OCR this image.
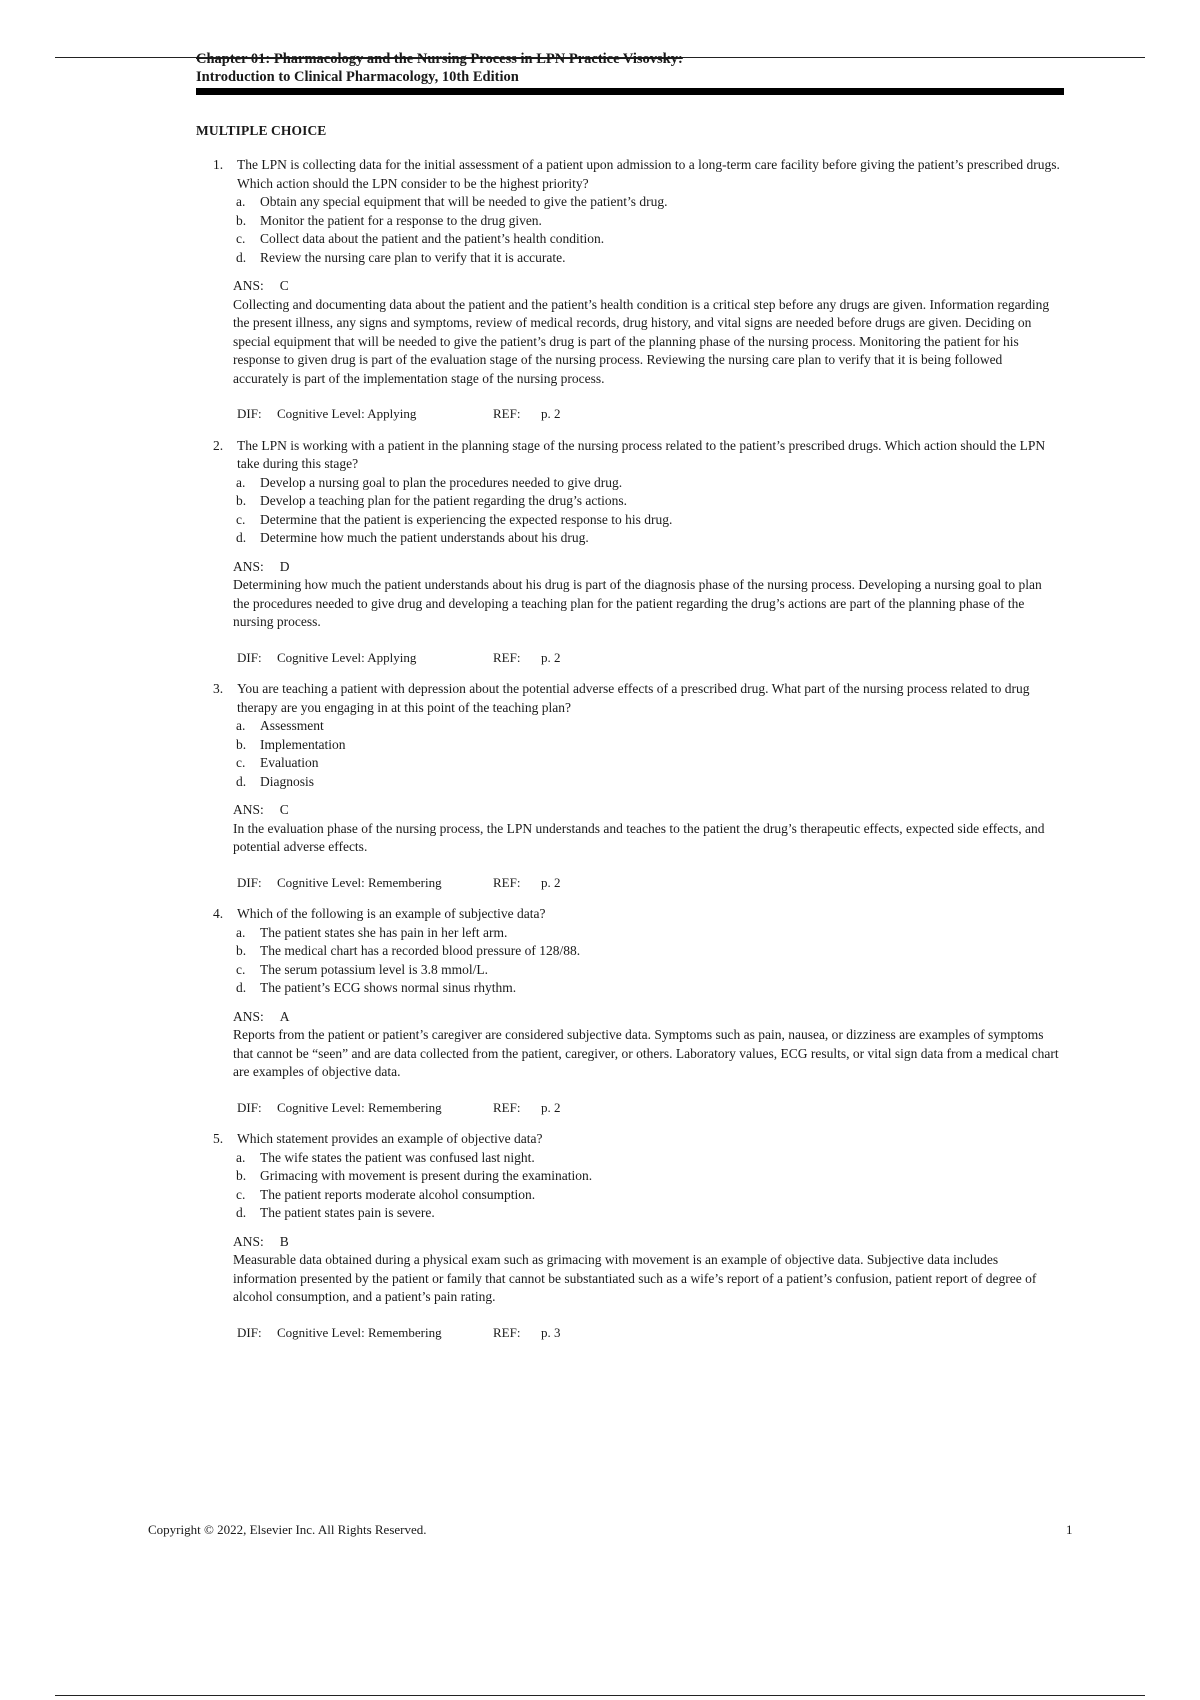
Chapter 01: Pharmacology and the Nursing Process in LPN Practice Visovsky:
Introduction to Clinical Pharmacology, 10th Edition
MULTIPLE CHOICE
1.	The LPN is collecting data for the initial assessment of a patient upon admission to a long-term care facility before giving the patient’s prescribed drugs. Which action should the LPN consider to be the highest priority?
a.	Obtain any special equipment that will be needed to give the patient’s drug.
b.	Monitor the patient for a response to the drug given.
c.	Collect data about the patient and the patient’s health condition.
d.	Review the nursing care plan to verify that it is accurate.
ANS: C

Collecting and documenting data about the patient and the patient’s health condition is a critical step before any drugs are given. Information regarding the present illness, any signs and symptoms, review of medical records, drug history, and vital signs are needed before drugs are given. Deciding on special equipment that will be needed to give the patient’s drug is part of the planning phase of the nursing process. Monitoring the patient for his response to given drug is part of the evaluation stage of the nursing process. Reviewing the nursing care plan to verify that it is being followed accurately is part of the implementation stage of the nursing process.

DIF:	Cognitive Level: Applying	REF:	p. 2
2.	The LPN is working with a patient in the planning stage of the nursing process related to the patient’s prescribed drugs. Which action should the LPN take during this stage?
a.	Develop a nursing goal to plan the procedures needed to give drug.
b.	Develop a teaching plan for the patient regarding the drug’s actions.
c.	Determine that the patient is experiencing the expected response to his drug.
d.	Determine how much the patient understands about his drug.
ANS: D

Determining how much the patient understands about his drug is part of the diagnosis phase of the nursing process. Developing a nursing goal to plan the procedures needed to give drug and developing a teaching plan for the patient regarding the drug’s actions are part of the planning phase of the nursing process.

DIF:	Cognitive Level: Applying	REF:	p. 2
3.	You are teaching a patient with depression about the potential adverse effects of a prescribed drug. What part of the nursing process related to drug therapy are you engaging in at this point of the teaching plan?
a.	Assessment
b.	Implementation
c.	Evaluation
d.	Diagnosis
ANS: C

In the evaluation phase of the nursing process, the LPN understands and teaches to the patient the drug’s therapeutic effects, expected side effects, and potential adverse effects.

DIF:	Cognitive Level: Remembering	REF:	p. 2
4.	Which of the following is an example of subjective data?
a.	The patient states she has pain in her left arm.
b.	The medical chart has a recorded blood pressure of 128/88.
c.	The serum potassium level is 3.8 mmol/L.
d.	The patient’s ECG shows normal sinus rhythm.
ANS: A

Reports from the patient or patient’s caregiver are considered subjective data. Symptoms such as pain, nausea, or dizziness are examples of symptoms that cannot be “seen” and are data collected from the patient, caregiver, or others. Laboratory values, ECG results, or vital sign data from a medical chart are examples of objective data.

DIF:	Cognitive Level: Remembering	REF:	p. 2
5.	Which statement provides an example of objective data?
a.	The wife states the patient was confused last night.
b.	Grimacing with movement is present during the examination.
c.	The patient reports moderate alcohol consumption.
d.	The patient states pain is severe.
ANS: B

Measurable data obtained during a physical exam such as grimacing with movement is an example of objective data. Subjective data includes information presented by the patient or family that cannot be substantiated such as a wife’s report of a patient’s confusion, patient report of degree of alcohol consumption, and a patient’s pain rating.

DIF:	Cognitive Level: Remembering	REF:	p. 3
Copyright © 2022, Elsevier Inc. All Rights Reserved.	1
